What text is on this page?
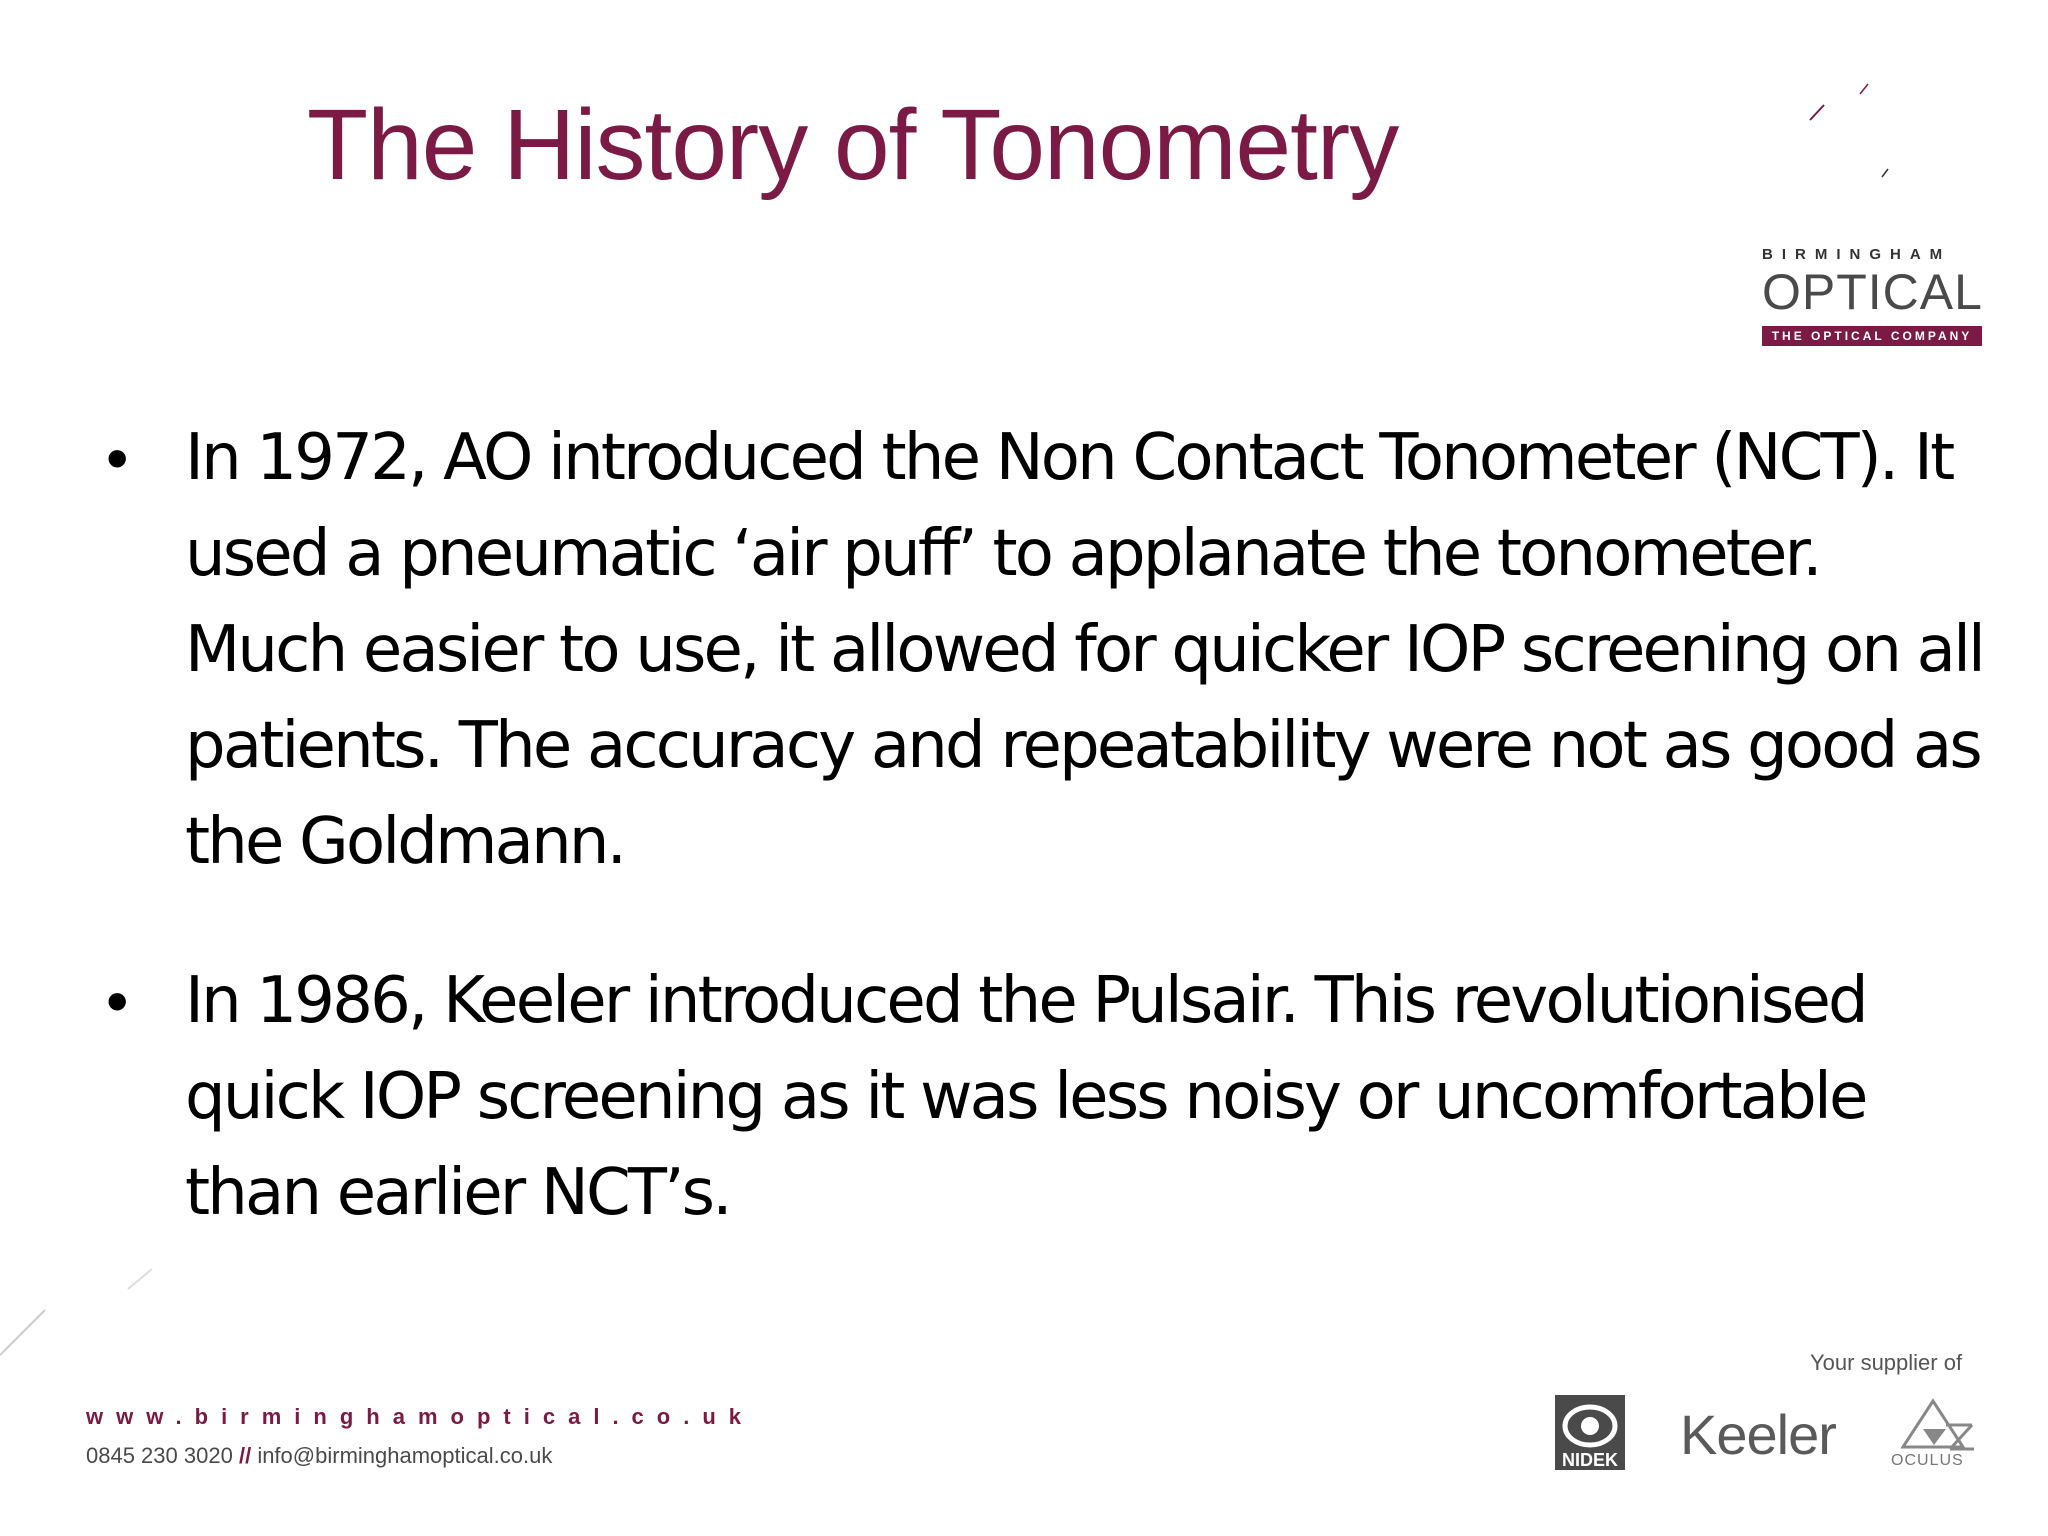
The History of Tonometry
BIRMINGHAM
OPTICAL
THE OPTICAL COMPANY
• In 1972, AO introduced the Non Contact Tonometer (NCT). It used a pneumatic ‘air puff’ to applanate the tonometer. Much easier to use, it allowed for quicker IOP screening on all patients. The accuracy and repeatability were not as good as the Goldmann.
• In 1986, Keeler introduced the Pulsair. This revolutionised quick IOP screening as it was less noisy or uncomfortable than earlier NCT’s.
www.birminghamoptical.co.uk
0845 230 3020 // info@birminghamoptical.co.uk
Your supplier of
NIDEK Keeler	OCULUS
